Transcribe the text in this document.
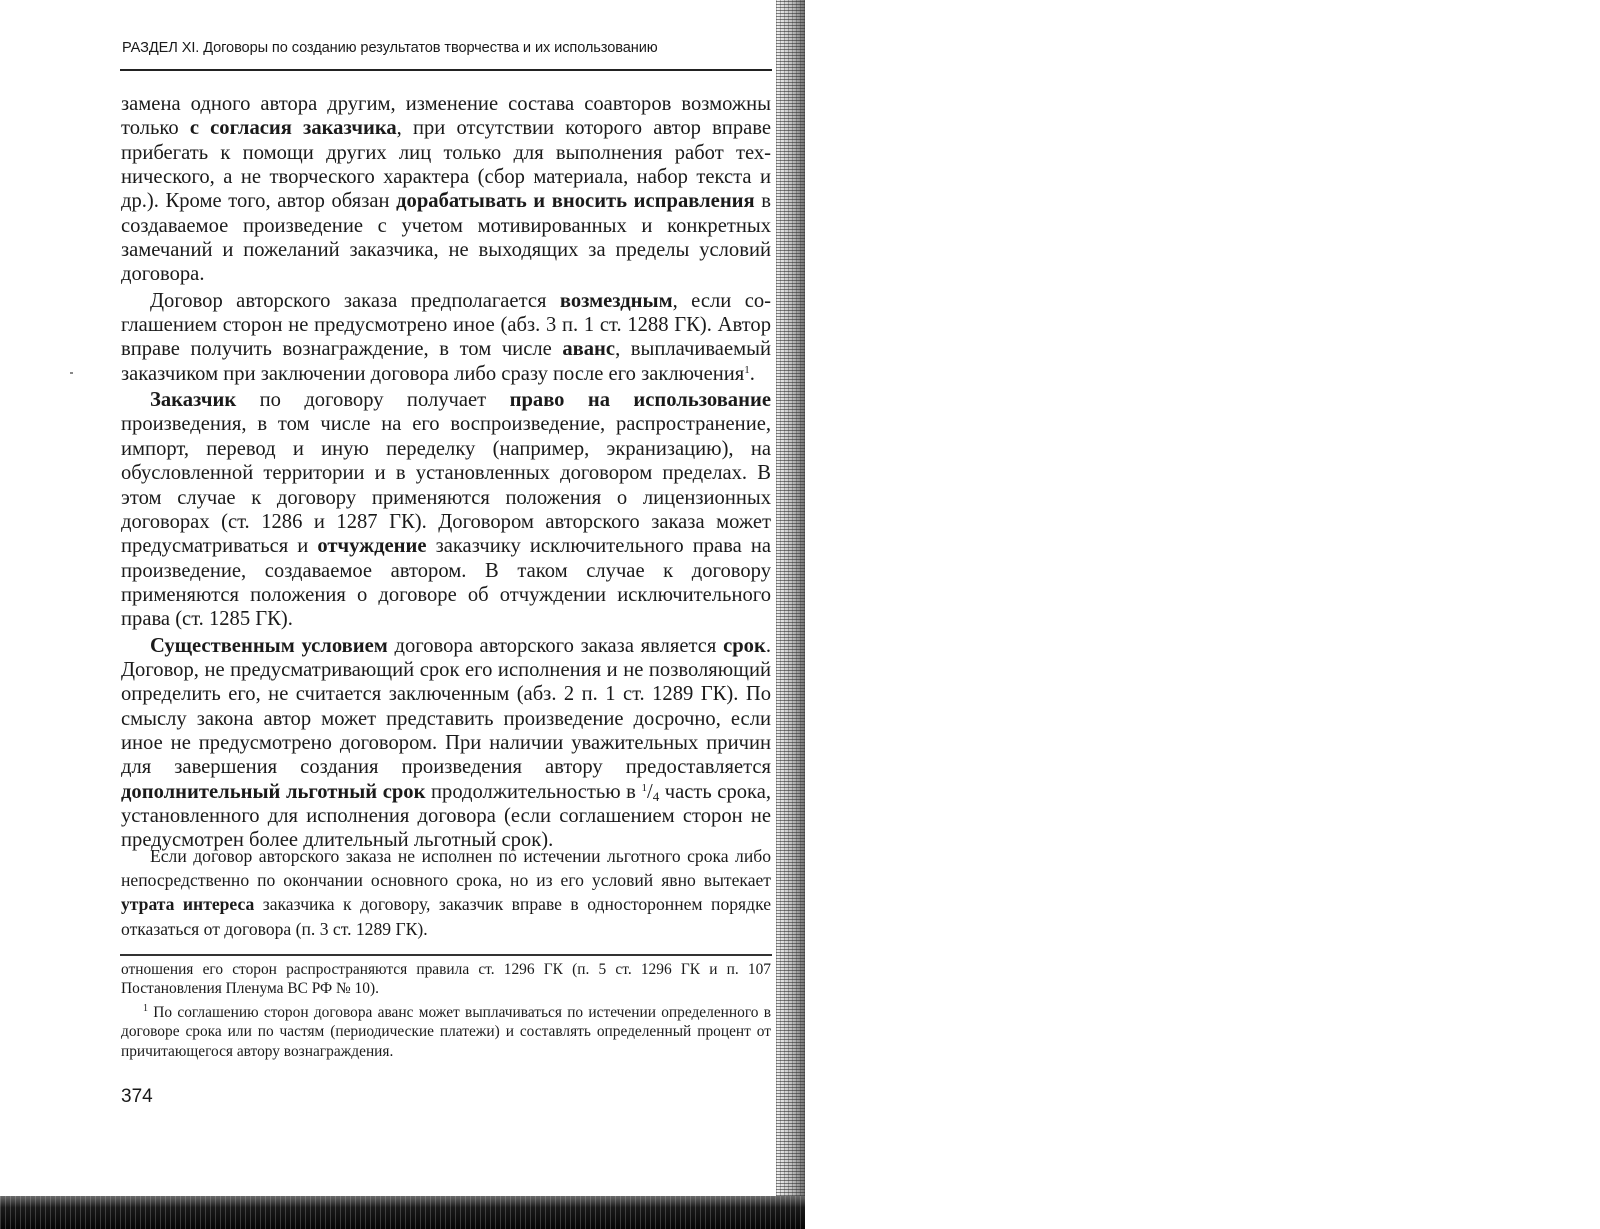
РАЗДЕЛ XI. Договоры по созданию результатов творчества и их использованию

замена одного автора другим, изменение состава соавторов возможны только с согласия заказчика, при отсутствии которого автор вправе прибегать к помощи других лиц только для выполнения работ технического, а не творческого характера (сбор материала, набор текста и др.). Кроме того, автор обязан дорабатывать и вносить исправления в создаваемое произведение с учетом мотивированных и конкретных замечаний и пожеланий заказчика, не выходящих за пределы условий договора.

Договор авторского заказа предполагается возмездным, если соглашением сторон не предусмотрено иное (абз. 3 п. 1 ст. 1288 ГК). Автор вправе получить вознаграждение, в том числе аванс, выплачиваемый заказчиком при заключении договора либо сразу после его заключения$^1$.

Заказчик по договору получает право на использование произведения, в том числе на его воспроизведение, распространение, импорт, перевод и иную переделку (например, экранизацию), на обусловленной территории и в установленных договором пределах. В этом случае к договору применяются положения о лицензионных договорах (ст. 1286 и 1287 ГК). Договором авторского заказа может предусматриваться и отчуждение заказчику исключительного права на произведение, создаваемое автором. В таком случае к договору применяются положения о договоре об отчуждении исключительного права (ст. 1285 ГК).

Существенным условием договора авторского заказа является срок. Договор, не предусматривающий срок его исполнения и не позволяющий определить его, не считается заключенным (абз. 2 п. 1 ст. 1289 ГК). По смыслу закона автор может представить произведение досрочно, если иное не предусмотрено договором. При наличии уважительных причин для завершения создания произведения автору предоставляется дополнительный льготный срок продолжительностью в $^1/_4$ часть срока, установленного для исполнения договора (если соглашением сторон не предусмотрен более длительный льготный срок).

Если договор авторского заказа не исполнен по истечении льготного срока либо непосредственно по окончании основного срока, но из его условий явно вытекает утрата интереса заказчика к договору, заказчик вправе в одностороннем порядке отказаться от договора (п. 3 ст. 1289 ГК).

отношения его сторон распространяются правила ст. 1296 ГК (п. 5 ст. 1296 ГК и п. 107 Постановления Пленума ВС РФ № 10).

$^1$ По соглашению сторон договора аванс может выплачиваться по истечении определенного в договоре срока или по частям (периодические платежи) и составлять определенный процент от причитающегося автору вознаграждения.

374
